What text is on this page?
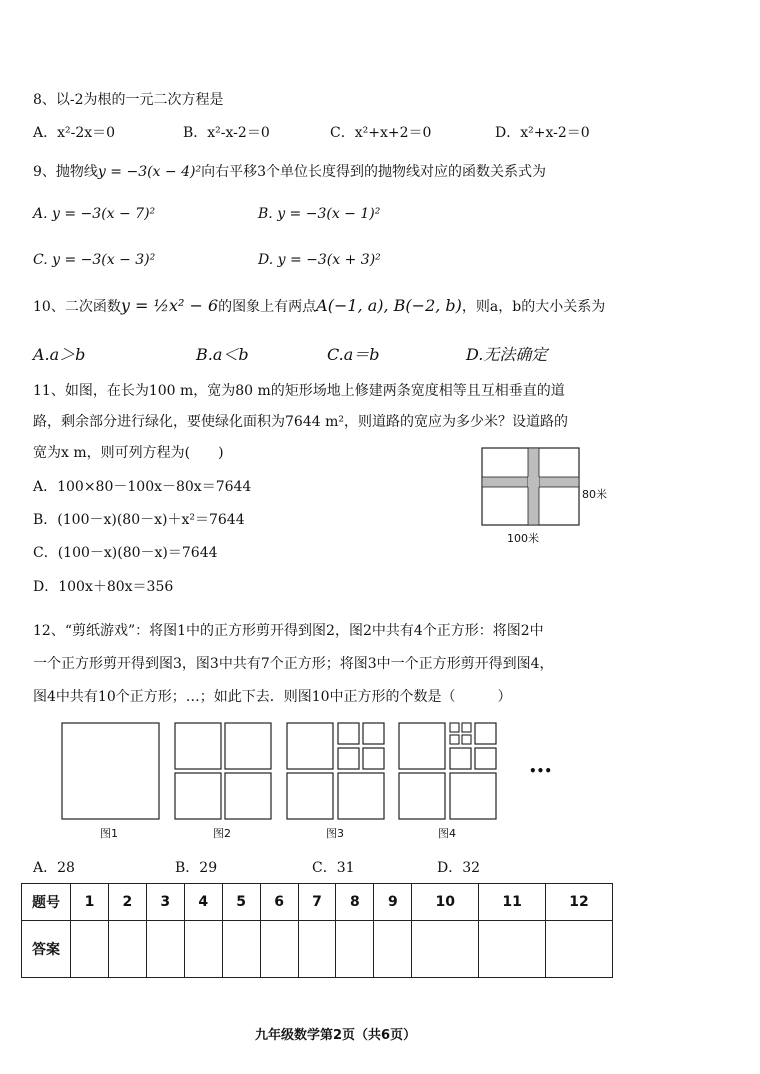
8、以-2为根的一元二次方程是
A．x²-2x＝0	B．x²-x-2＝0	C．x²+x+2＝0	D．x²+x-2＝0
9、抛物线y = −3(x − 4)²向右平移3个单位长度得到的抛物线对应的函数关系式为
A. y = −3(x − 7)²	B. y = −3(x − 1)²
C. y = −3(x − 3)²	D. y = −3(x + 3)²
10、二次函数y = ½x² − 6的图象上有两点A(−1, a), B(−2, b)，则a，b的大小关系为
A.a＞b	B.a＜b	C.a＝b	D.无法确定
11、如图，在长为100 m，宽为80 m的矩形场地上修建两条宽度相等且互相垂直的道
路，剩余部分进行绿化，要使绿化面积为7644 m²，则道路的宽应为多少米？设道路的
宽为x m，则可列方程为(　　)
A．100×80－100x－80x＝7644
B．(100－x)(80－x)＋x²＝7644
C．(100－x)(80－x)＝7644
D．100x＋80x＝356
80米
100米
12、“剪纸游戏”：将图1中的正方形剪开得到图2，图2中共有4个正方形：将图2中
一个正方形剪开得到图3，图3中共有7个正方形；将图3中一个正方形剪开得到图4，
图4中共有10个正方形；…；如此下去．则图10中正方形的个数是（　　　）
•••
图1	图2	图3	图4
A．28	B．29	C．31	D．32
题号	1	2	3	4	5	6	7	8	9	10	11	12
答案												
九年级数学第2页（共6页）
